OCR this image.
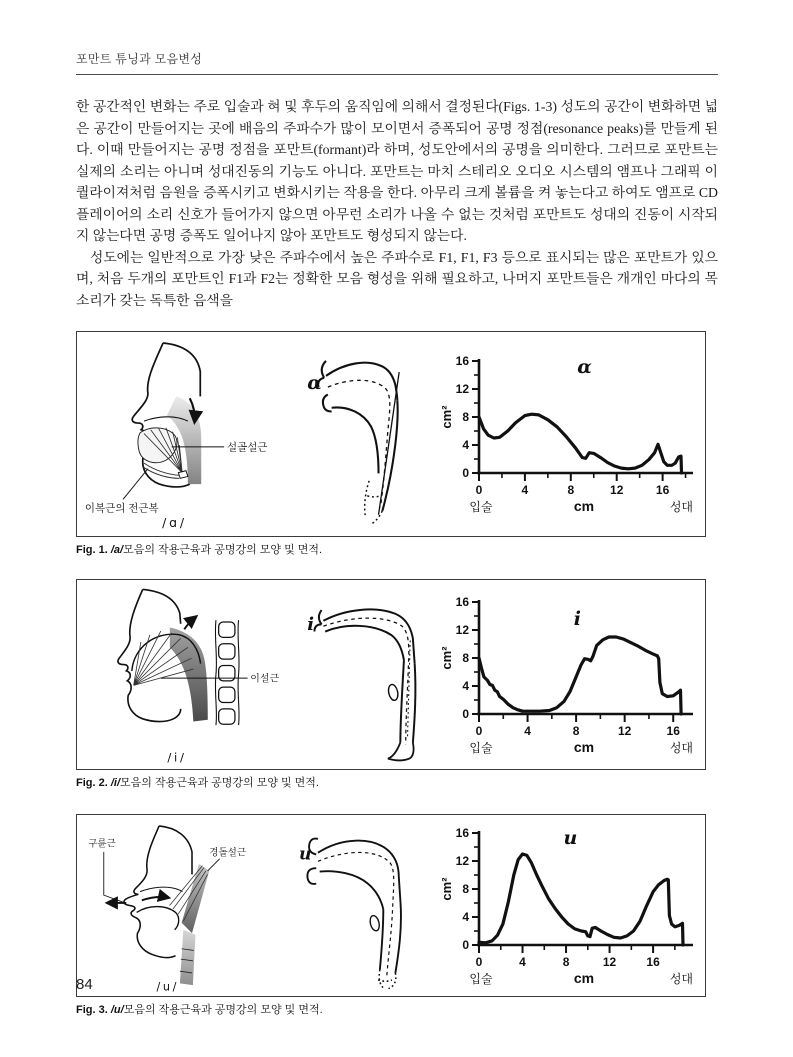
포만트 튜닝과 모음변성

한 공간적인 변화는 주로 입술과 혀 및 후두의 움직임에 의해서 결정된다(Figs. 1-3) 성도의 공간이 변화하면 넓은 공간이 만들어지는 곳에 배음의 주파수가 많이 모이면서 증폭되어 공명 정점(resonance peaks)를 만들게 된다. 이때 만들어지는 공명 정점을 포만트(formant)라 하며, 성도안에서의 공명을 의미한다. 그러므로 포만트는 실제의 소리는 아니며 성대진동의 기능도 아니다. 포만트는 마치 스테리오 오디오 시스템의 앰프나 그래픽 이퀄라이져처럼 음원을 증폭시키고 변화시키는 작용을 한다. 아무리 크게 볼륨을 켜 놓는다고 하여도 앰프로 CD 플레이어의 소리 신호가 들어가지 않으면 아무런 소리가 나올 수 없는 것처럼 포만트도 성대의 진동이 시작되지 않는다면 공명 증폭도 일어나지 않아 포만트도 형성되지 않는다.

성도에는 일반적으로 가장 낮은 주파수에서 높은 주파수로 F1, F1, F3 등으로 표시되는 많은 포만트가 있으며, 처음 두개의 포만트인 F1과 F2는 정확한 모음 형성을 위해 필요하고, 나머지 포만트들은 개개인 마다의 목소리가 갖는 독특한 음색을

설골설근
이복근의 전근복
/ɑ/
ɑ
0	4	8	12	16
0
4
8
12
16	ɑ
cm²
cm
입술	성대
Fig. 1. /a/모음의 작용근육과 공명강의 모양 및 면적.
이설근
/i/
i
0	4	8	12	16
0
4
8
12
16
i
cm²
cm
입술	성대
Fig. 2. /i/모음의 작용근육과 공명강의 모양 및 면적.
구륜근
경돌설근
/u/
u
0	4	8	12	16
0
4
8
12
16	u
cm²
cm
입술	성대
Fig. 3. /u/모음의 작용근육과 공명강의 모양 및 면적.
84
